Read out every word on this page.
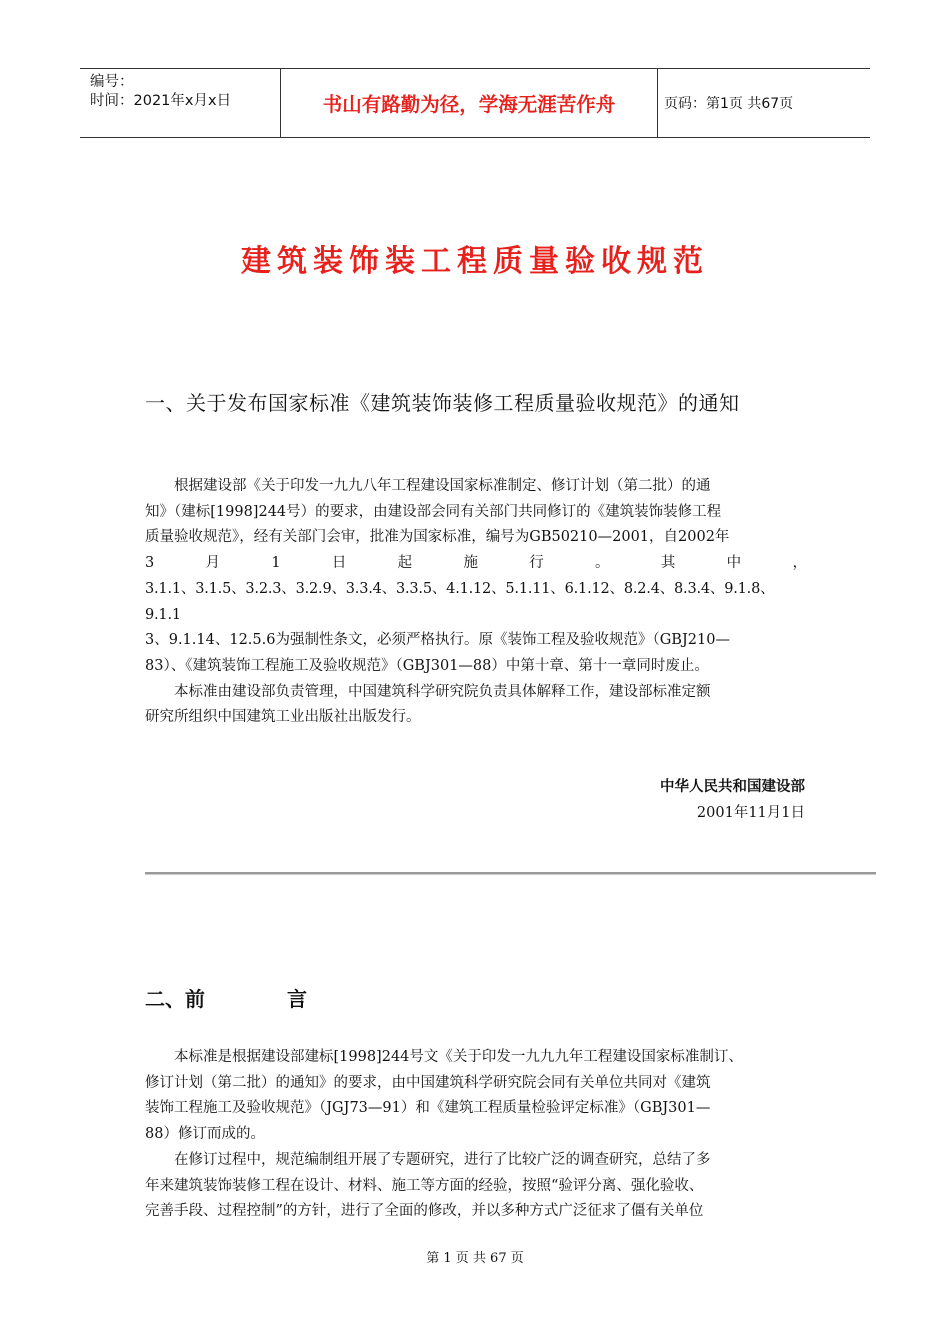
编号：
时间：2021年x月x日	书山有路勤为径，学海无涯苦作舟	页码：第1页 共67页
建筑装饰装工程质量验收规范
一、关于发布国家标准《建筑装饰装修工程质量验收规范》的通知

根据建设部《关于印发一九九八年工程建设国家标准制定、修订计划（第二批）的通
知》（建标[1998]244号）的要求，由建设部会同有关部门共同修订的《建筑装饰装修工程
质量验收规范》，经有关部门会审，批准为国家标准，编号为GB50210—2001，自2002年

3	月	1	日	起	施	行	。	其	中	，
3.1.1、3.1.5、3.2.3、3.2.9、3.3.4、3.3.5、4.1.12、5.1.11、6.1.12、8.2.4、8.3.4、9.1.8、9.1.1
3、9.1.14、12.5.6为强制性条文，必须严格执行。原《装饰工程及验收规范》（GBJ210—
83）、《建筑装饰工程施工及验收规范》（GBJ301—88）中第十章、第十一章同时废止。

本标准由建设部负责管理，中国建筑科学研究院负责具体解释工作，建设部标准定额

研究所组织中国建筑工业出版社出版发行。
中华人民共和国建设部
2001年11月1日
二、前	言

本标准是根据建设部建标[1998]244号文《关于印发一九九九年工程建设国家标准制订、

修订计划（第二批）的通知》的要求，由中国建筑科学研究院会同有关单位共同对《建筑
装饰工程施工及验收规范》（JGJ73—91）和《建筑工程质量检验评定标准》（GBJ301—
88）修订而成的。

在修订过程中，规范编制组开展了专题研究，进行了比较广泛的调查研究，总结了多

年来建筑装饰装修工程在设计、材料、施工等方面的经验，按照“验评分离、强化验收、
完善手段、过程控制”的方针，进行了全面的修改，并以多种方式广泛征求了僵有关单位
第 1 页 共 67 页
